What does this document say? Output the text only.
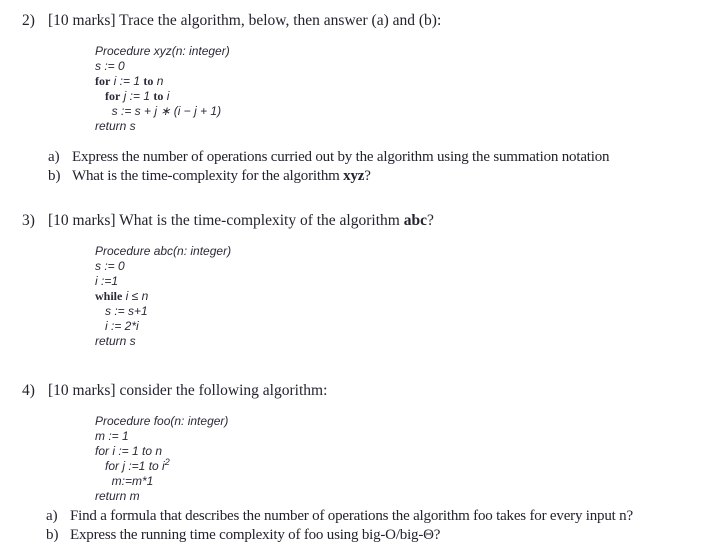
2) [10 marks] Trace the algorithm, below, then answer (a) and (b):
Procedure xyz(n: integer)
s := 0
for i := 1 to n
for j := 1 to i
s := s + j ∗ (i − j + 1)
return s
a) Express the number of operations curried out by the algorithm using the summation notation
b) What is the time-complexity for the algorithm xyz?
3) [10 marks] What is the time-complexity of the algorithm abc?
Procedure abc(n: integer)
s := 0
i :=1
while i ≤ n
s := s+1
i := 2*i
return s
4) [10 marks] consider the following algorithm:
Procedure foo(n: integer)
m := 1
for i := 1 to n
for j :=1 to $i^2$
m:=m*1
return m
a) Find a formula that describes the number of operations the algorithm foo takes for every input n?
b) Express the running time complexity of foo using big-O/big-Θ?
